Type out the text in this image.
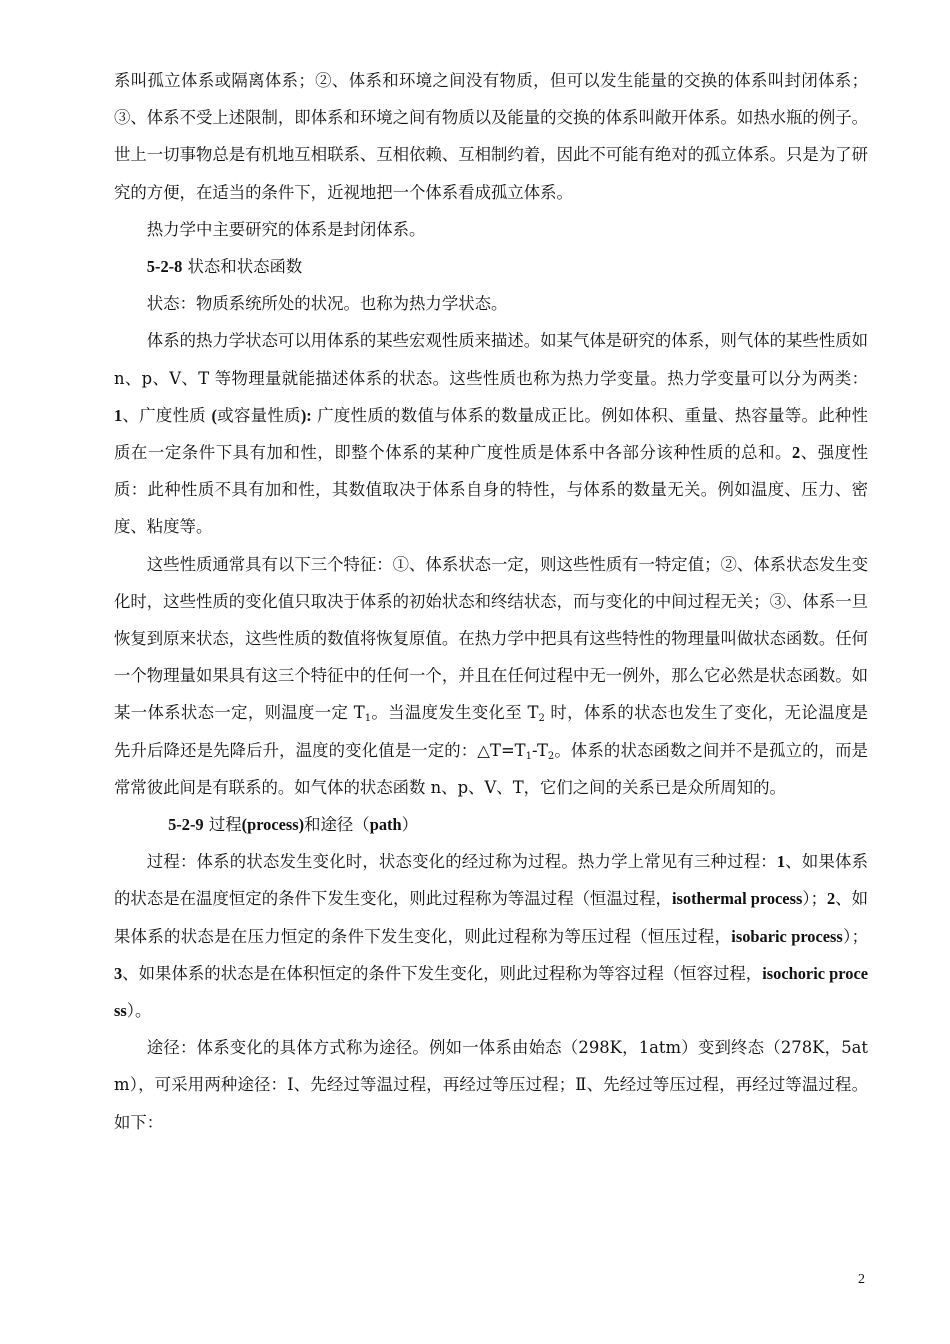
系叫孤立体系或隔离体系；②、体系和环境之间没有物质，但可以发生能量的交换的体系叫封闭体系；③、体系不受上述限制，即体系和环境之间有物质以及能量的交换的体系叫敞开体系。如热水瓶的例子。世上一切事物总是有机地互相联系、互相依赖、互相制约着，因此不可能有绝对的孤立体系。只是为了研究的方便，在适当的条件下，近视地把一个体系看成孤立体系。

热力学中主要研究的体系是封闭体系。

5-2-8 状态和状态函数

状态：物质系统所处的状况。也称为热力学状态。

体系的热力学状态可以用体系的某些宏观性质来描述。如某气体是研究的体系，则气体的某些性质如 n、p、V、T 等物理量就能描述体系的状态。这些性质也称为热力学变量。热力学变量可以分为两类：1、广度性质 (或容量性质): 广度性质的数值与体系的数量成正比。例如体积、重量、热容量等。此种性质在一定条件下具有加和性，即整个体系的某种广度性质是体系中各部分该种性质的总和。2、强度性质：此种性质不具有加和性，其数值取决于体系自身的特性，与体系的数量无关。例如温度、压力、密度、粘度等。

这些性质通常具有以下三个特征：①、体系状态一定，则这些性质有一特定值；②、体系状态发生变化时，这些性质的变化值只取决于体系的初始状态和终结状态，而与变化的中间过程无关；③、体系一旦恢复到原来状态，这些性质的数值将恢复原值。在热力学中把具有这些特性的物理量叫做状态函数。任何一个物理量如果具有这三个特征中的任何一个，并且在任何过程中无一例外，那么它必然是状态函数。如某一体系状态一定，则温度一定 $T_1$。当温度发生变化至 $T_2$ 时，体系的状态也发生了变化，无论温度是先升后降还是先降后升，温度的变化值是一定的：$\triangle T=T_1-T_2$。体系的状态函数之间并不是孤立的，而是常常彼此间是有联系的。如气体的状态函数 n、p、V、T，它们之间的关系已是众所周知的。

5-2-9 过程(process)和途径（path）

过程：体系的状态发生变化时，状态变化的经过称为过程。热力学上常见有三种过程：1、如果体系的状态是在温度恒定的条件下发生变化，则此过程称为等温过程（恒温过程，isothermal process）；2、如果体系的状态是在压力恒定的条件下发生变化，则此过程称为等压过程（恒压过程，isobaric process）；3、如果体系的状态是在体积恒定的条件下发生变化，则此过程称为等容过程（恒容过程，isochoric process）。

途径：体系变化的具体方式称为途径。例如一体系由始态（298K，1atm）变到终态（278K，5atm），可采用两种途径：Ⅰ、先经过等温过程，再经过等压过程；Ⅱ、先经过等压过程，再经过等温过程。如下：

2
